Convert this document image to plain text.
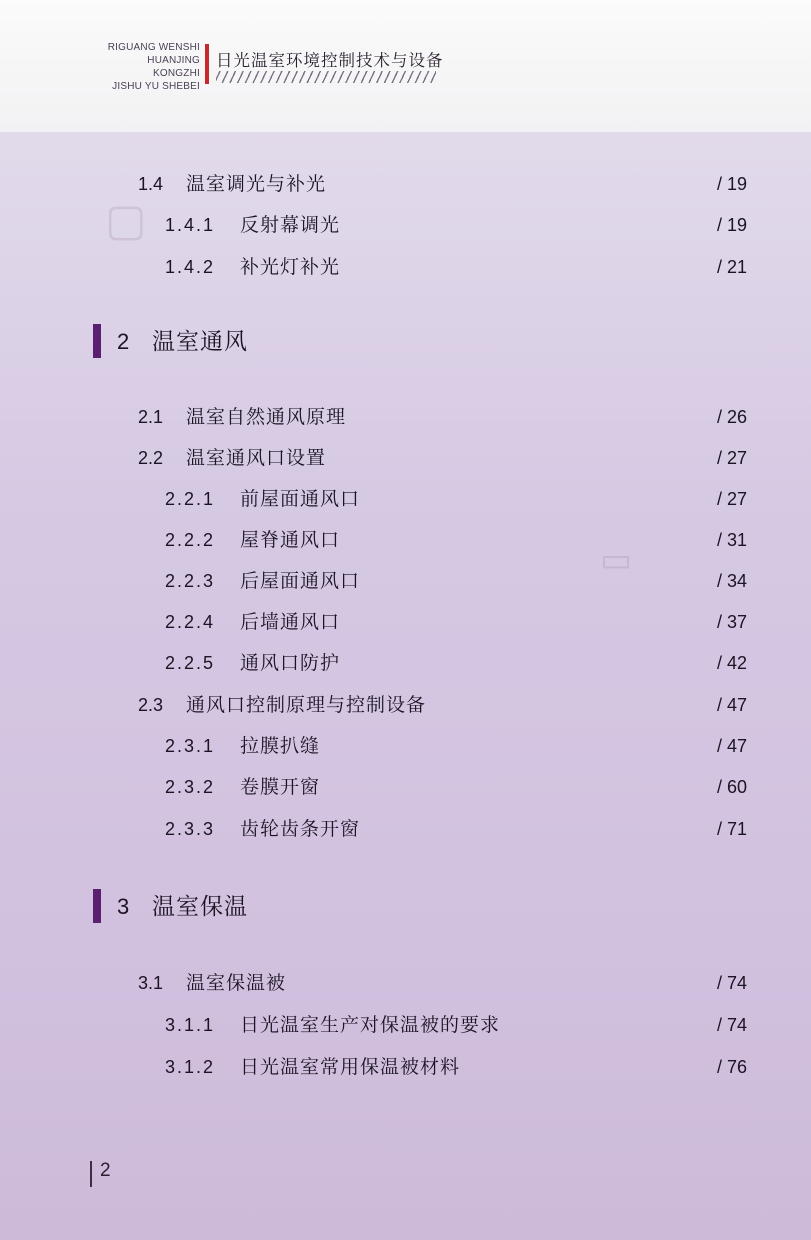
RIGUANG WENSHI
HUANJING KONGZHI
JISHU YU SHEBEI
日光温室环境控制技术与设备
▢
▭
1.4 温室调光与补光	/ 19
1.4.1 反射幕调光	/ 19
1.4.2 补光灯补光	/ 21
2 温室通风
2.1 温室自然通风原理	/ 26
2.2 温室通风口设置	/ 27
2.2.1 前屋面通风口	/ 27
2.2.2 屋脊通风口	/ 31
2.2.3 后屋面通风口	/ 34
2.2.4 后墙通风口	/ 37
2.2.5 通风口防护	/ 42
2.3 通风口控制原理与控制设备	/ 47
2.3.1 拉膜扒缝	/ 47
2.3.2 卷膜开窗	/ 60
2.3.3 齿轮齿条开窗	/ 71
3 温室保温
3.1 温室保温被	/ 74
3.1.1 日光温室生产对保温被的要求	/ 74
3.1.2 日光温室常用保温被材料	/ 76
2
